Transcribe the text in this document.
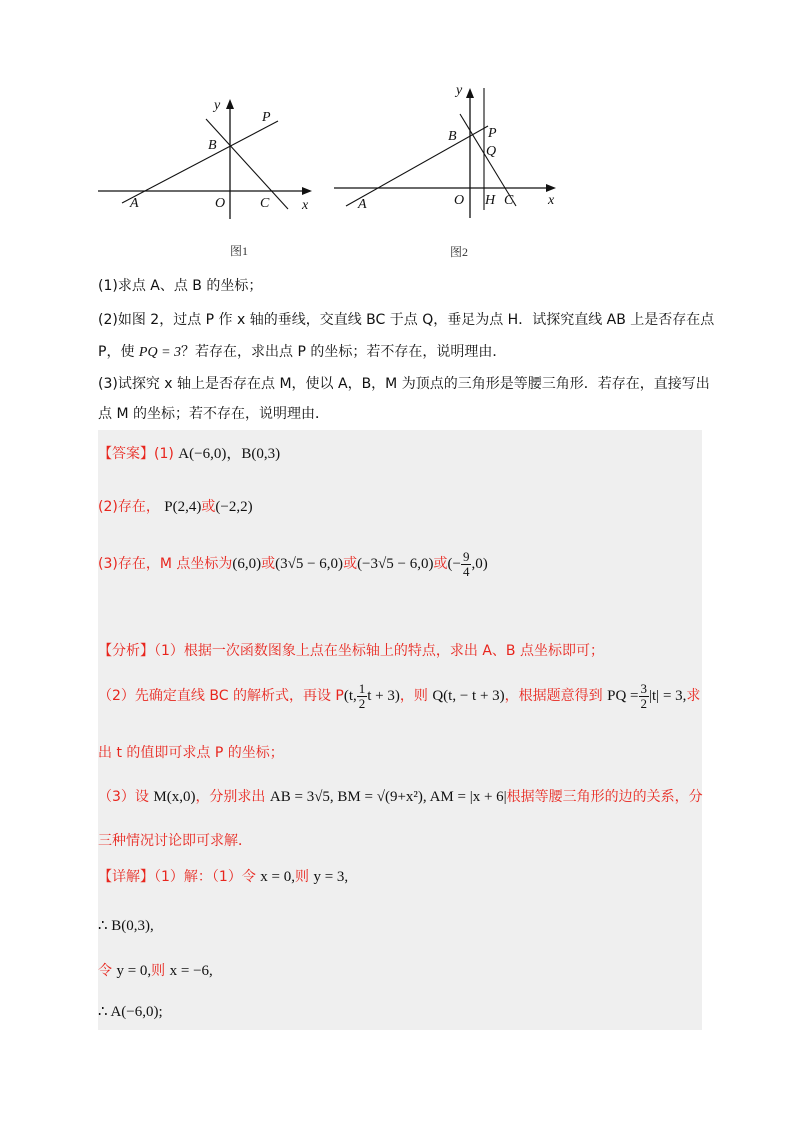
y
P
B
A	O C x
图1
y
B P
Q
A	O H C x
图2
(1)求点 A、点 B 的坐标；
(2)如图 2，过点 P 作 x 轴的垂线，交直线 BC 于点 Q，垂足为点 H．试探究直线 AB 上是否存在点
P，使 PQ = 3？若存在，求出点 P 的坐标；若不存在，说明理由．
(3)试探究 x 轴上是否存在点 M，使以 A，B，M 为顶点的三角形是等腰三角形．若存在，直接写出
点 M 的坐标；若不存在，说明理由．
【答案】(1) A(−6,0)，B(0,3)
(2)存在， P(2,4)或(−2,2)
(3)存在，M 点坐标为(6,0)或(3√5 − 6,0)或(−3√5 − 6,0)或(− $\frac{9}{4} ,0$)
【分析】（1）根据一次函数图象上点在坐标轴上的特点，求出 A、B 点坐标即可；
（2）先确定直线 BC 的解析式，再设 P(t, $\frac{1}{2}$ t + 3)，则 Q(t, − t + 3)，根据题意得到 PQ = $\frac{3}{2} |t| = 3$,求
出 t 的值即可求点 P 的坐标；
（3）设 M(x,0)，分别求出 AB = 3√5, BM = √(9+x²), AM = |x + 6|根据等腰三角形的边的关系，分
三种情况讨论即可求解．
【详解】（1）解：（1）令 x = 0,则 y = 3,
∴ B(0,3),
令 y = 0,则 x = −6,
∴ A(−6,0);
